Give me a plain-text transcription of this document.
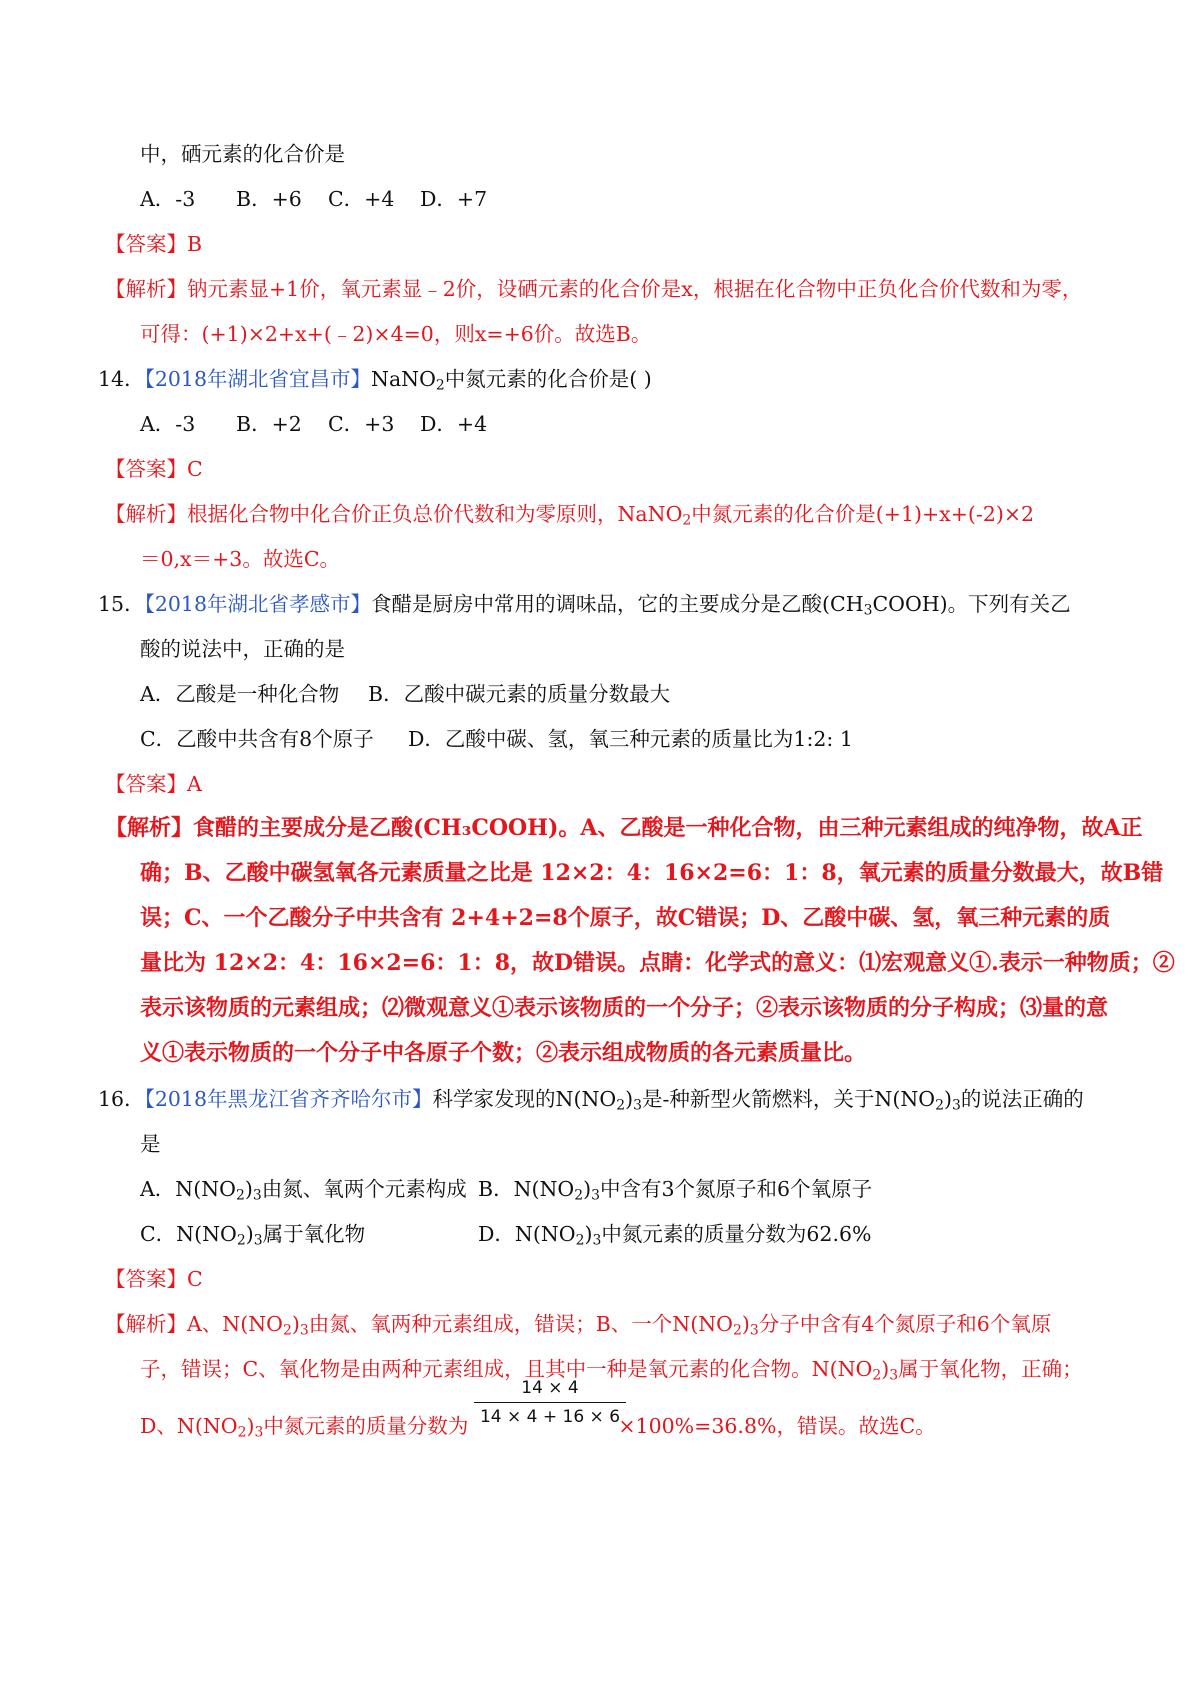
中，硒元素的化合价是
A．-3 B．+6 C．+4 D．+7
【答案】B
【解析】钠元素显+1价，氧元素显﹣2价，设硒元素的化合价是x，根据在化合物中正负化合价代数和为零，
可得：(+1)×2+x+(﹣2)×4=0，则x=+6价。故选B。
14．【2018年湖北省宜昌市】NaNO$_2$中氮元素的化合价是( )
A．-3 B．+2 C．+3 D．+4
【答案】C
【解析】根据化合物中化合价正负总价代数和为零原则，NaNO$_2$中氮元素的化合价是(+1)+x+(-2)×2
＝0,x＝+3。故选C。
15．【2018年湖北省孝感市】食醋是厨房中常用的调味品，它的主要成分是乙酸$(CH_3COOH)$。下列有关乙
酸的说法中，正确的是
A．乙酸是一种化合物 B．乙酸中碳元素的质量分数最大
C．乙酸中共含有8个原子 D．乙酸中碳、氢，氧三种元素的质量比为1:2: 1
【答案】A
【解析】食醋的主要成分是乙酸(CH₃COOH)。A、乙酸是一种化合物，由三种元素组成的纯净物，故A正
确；B、乙酸中碳氢氧各元素质量之比是 12×2：4：16×2=6：1：8，氧元素的质量分数最大，故B错
误；C、一个乙酸分子中共含有 2+4+2=8个原子，故C错误；D、乙酸中碳、氢，氧三种元素的质
量比为 12×2：4：16×2=6：1：8，故D错误。点睛：化学式的意义：⑴宏观意义①.表示一种物质；②
表示该物质的元素组成；⑵微观意义①表示该物质的一个分子；②表示该物质的分子构成；⑶量的意
义①表示物质的一个分子中各原子个数；②表示组成物质的各元素质量比。
16．【2018年黑龙江省齐齐哈尔市】科学家发现的$N(NO_2)_3$是-种新型火箭燃料，关于$N(NO_2)_3$的说法正确的
是
A．$N(NO_2)_3$由氮、氧两个元素构成 B．$N(NO_2)_3$中含有3个氮原子和6个氧原子
C．$N(NO_2)_3$属于氧化物	D．$N(NO_2)_3$中氮元素的质量分数为62.6%
【答案】C
【解析】A、$N(NO_2)_3$由氮、氧两种元素组成，错误；B、一个$N(NO_2)_3$分子中含有4个氮原子和6个氧原
子，错误；C、氧化物是由两种元素组成，且其中一种是氧元素的化合物。$N(NO_2)_3$属于氧化物，正确；
D、$N(NO_2)_3$中氮元素的质量分数为	×100%=36.8%，错误。故选C。
14 × 4
14 × 4 + 16 × 6
